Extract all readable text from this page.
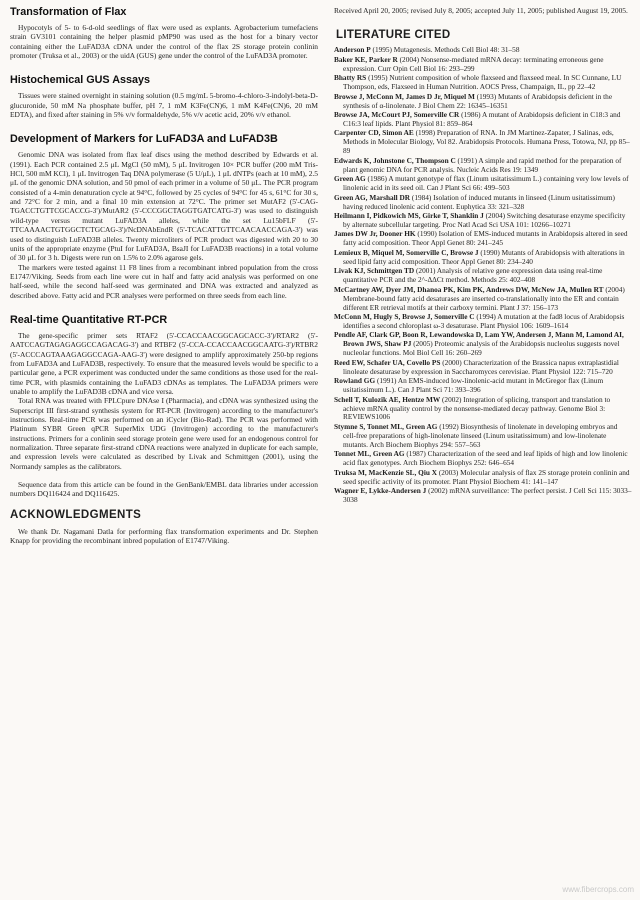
Transformation of Flax

Hypocotyls of 5- to 6-d-old seedlings of flax were used as explants. Agrobacterium tumefaciens strain GV3101 containing the helper plasmid pMP90 was used as the host for a binary vector containing either the LuFAD3A cDNA under the control of the flax 2S storage protein conlinin promoter (Truksa et al., 2003) or the uidA (GUS) gene under the control of the LuFAD3A promoter.

Histochemical GUS Assays

Tissues were stained overnight in staining solution (0.5 mg/mL 5-bromo-4-chloro-3-indolyl-beta-D-glucuronide, 50 mM Na phosphate buffer, pH 7, 1 mM K3Fe(CN)6, 1 mM K4Fe(CN)6, 20 mM EDTA), and fixed after staining in 5% v/v formaldehyde, 5% v/v acetic acid, 20% v/v ethanol.

Development of Markers for LuFAD3A and LuFAD3B

Genomic DNA was isolated from flax leaf discs using the method described by Edwards et al. (1991). Each PCR contained 2.5 μL MgCl (50 mM), 5 μL Invitrogen 10× PCR buffer (200 mM Tris-HCl, 500 mM KCl), 1 μL Invitrogen Taq DNA polymerase (5 U/μL), 1 μL dNTPs (each at 10 mM), 2.5 μL of the genomic DNA solution, and 50 pmol of each primer in a volume of 50 μL. The PCR program consisted of a 4-min denaturation cycle at 94°C, followed by 25 cycles of 94°C for 45 s, 61°C for 30 s, and 72°C for 2 min, and a final 10 min extension at 72°C. The primer set MutAF2 (5'-CAG-TGACCTGTTCGCACCG-3')/MutAR2 (5'-CCCGGCTAGGTGATCATG-3') was used to distinguish wild-type versus mutant LuFAD3A alleles, while the set Lu15bFLF (5'-TTCAAAACTGTGGCTCTGCAG-3')/NcDNAbEndR (5'-TCACATTGTTCAACAACCAGA-3') was used to distinguish LuFAD3B alleles. Twenty microliters of PCR product was digested with 20 to 30 units of the appropriate enzyme (PtuI for LuFAD3A, BsaJI for LuFAD3B reactions) in a total volume of 30 μL for 3 h. Digests were run on 1.5% to 2.0% agarose gels.

The markers were tested against 11 F8 lines from a recombinant inbred population from the cross E1747/Viking. Seeds from each line were cut in half and fatty acid analysis was performed on one half-seed, while the second half-seed was germinated and DNA was extracted and analyzed as described above. Fatty acid and PCR analyses were performed on three seeds from each line.

Real-time Quantitative RT-PCR

The gene-specific primer sets RTAF2 (5'-CCACCAACGGCAGCACC-3')/RTAR2 (5'-AATCCAGTAGAGAGGCCAGACAG-3') and RTBF2 (5'-CCA-CCACCAACGGCAATG-3')/RTBR2 (5'-ACCCAGTAAAGAGGCCAGA-AAG-3') were designed to amplify approximately 250-bp regions from LuFAD3A and LuFAD3B, respectively. To ensure that the measured levels would be specific to a particular gene, a PCR experiment was conducted under the same conditions as those used for the real-time PCR, with plasmids containing the LuFAD3 cDNAs as templates. The LuFAD3A primers were unable to amplify the LuFAD3B cDNA and vice versa.

Total RNA was treated with FPLCpure DNAse I (Pharmacia), and cDNA was synthesized using the Superscript III first-strand synthesis system for RT-PCR (Invitrogen) according to the manufacturer's instructions. Real-time PCR was performed on an iCycler (Bio-Rad). The PCR was performed with Platinum SYBR Green qPCR SuperMix UDG (Invitrogen) according to the manufacturer's instructions. Primers for a conlinin seed storage protein gene were used for an endogenous control for normalization. Three separate first-strand cDNA reactions were analyzed in duplicate for each sample, and expression levels were calculated as described by Livak and Schmittgen (2001), using the Normandy samples as the calibrators.

Sequence data from this article can be found in the GenBank/EMBL data libraries under accession numbers DQ116424 and DQ116425.

ACKNOWLEDGMENTS

We thank Dr. Nagamani Datla for performing flax transformation experiments and Dr. Stephen Knapp for providing the recombinant inbred population of E1747/Viking.

Received April 20, 2005; revised July 8, 2005; accepted July 11, 2005; published August 19, 2005.
LITERATURE CITED
Anderson P (1995) Mutagenesis. Methods Cell Biol 48: 31–58
Baker KE, Parker R (2004) Nonsense-mediated mRNA decay: terminating erroneous gene expression. Curr Opin Cell Biol 16: 293–299
Bhatty RS (1995) Nutrient composition of whole flaxseed and flaxseed meal. In SC Cunnane, LU Thompson, eds, Flaxseed in Human Nutrition. AOCS Press, Champaign, IL, pp 22–42
Browse J, McConn M, James D Jr, Miquel M (1993) Mutants of Arabidopsis deficient in the synthesis of α-linolenate. J Biol Chem 22: 16345–16351
Browse JA, McCourt PJ, Somerville CR (1986) A mutant of Arabidopsis deficient in C18:3 and C16:3 leaf lipids. Plant Physiol 81: 859–864
Carpenter CD, Simon AE (1998) Preparation of RNA. In JM Martinez-Zapater, J Salinas, eds, Methods in Molecular Biology, Vol 82. Arabidopsis Protocols. Humana Press, Totowa, NJ, pp 85–89
Edwards K, Johnstone C, Thompson C (1991) A simple and rapid method for the preparation of plant genomic DNA for PCR analysis. Nucleic Acids Res 19: 1349
Green AG (1986) A mutant genotype of flax (Linum usitatissimum L.) containing very low levels of linolenic acid in its seed oil. Can J Plant Sci 66: 499–503
Green AG, Marshall DR (1984) Isolation of induced mutants in linseed (Linum usitatissimum) having reduced linolenic acid content. Euphytica 33: 321–328
Heilmann I, Pidkowich MS, Girke T, Shanklin J (2004) Switching desaturase enzyme specificity by alternate subcellular targeting. Proc Natl Acad Sci USA 101: 10266–10271
James DW Jr, Dooner HK (1990) Isolation of EMS-induced mutants in Arabidopsis altered in seed fatty acid composition. Theor Appl Genet 80: 241–245
Lemieux B, Miquel M, Somerville C, Browse J (1990) Mutants of Arabidopsis with alterations in seed lipid fatty acid composition. Theor Appl Genet 80: 234–240
Livak KJ, Schmittgen TD (2001) Analysis of relative gene expression data using real-time quantitative PCR and the 2^-ΔΔCt method. Methods 25: 402–408
McCartney AW, Dyer JM, Dhanoa PK, Kim PK, Andrews DW, McNew JA, Mullen RT (2004) Membrane-bound fatty acid desaturases are inserted co-translationally into the ER and contain different ER retrieval motifs at their carboxy termini. Plant J 37: 156–173
McConn M, Hugly S, Browse J, Somerville C (1994) A mutation at the fad8 locus of Arabidopsis identifies a second chloroplast ω-3 desaturase. Plant Physiol 106: 1609–1614
Pendle AF, Clark GP, Boon R, Lewandowska D, Lam YW, Andersen J, Mann M, Lamond AI, Brown JWS, Shaw PJ (2005) Proteomic analysis of the Arabidopsis nucleolus suggests novel nucleolar functions. Mol Biol Cell 16: 260–269
Reed EW, Schafer UA, Covello PS (2000) Characterization of the Brassica napus extraplastidial linoleate desaturase by expression in Saccharomyces cerevisiae. Plant Physiol 122: 715–720
Rowland GG (1991) An EMS-induced low-linolenic-acid mutant in McGregor flax (Linum usitatissimum L.). Can J Plant Sci 71: 393–396
Schell T, Kulozik AE, Hentze MW (2002) Integration of splicing, transport and translation to achieve mRNA quality control by the nonsense-mediated decay pathway. Genome Biol 3: REVIEWS1006
Stymne S, Tonnet ML, Green AG (1992) Biosynthesis of linolenate in developing embryos and cell-free preparations of high-linolenate linseed (Linum usitatissimum) and low-linolenate mutants. Arch Biochem Biophys 294: 557–563
Tonnet ML, Green AG (1987) Characterization of the seed and leaf lipids of high and low linolenic acid flax genotypes. Arch Biochem Biophys 252: 646–654
Truksa M, MacKenzie SL, Qiu X (2003) Molecular analysis of flax 2S storage protein conlinin and seed specific activity of its promoter. Plant Physiol Biochem 41: 141–147
Wagner E, Lykke-Andersen J (2002) mRNA surveillance: The perfect persist. J Cell Sci 115: 3033–3038
www.fibercrops.com
